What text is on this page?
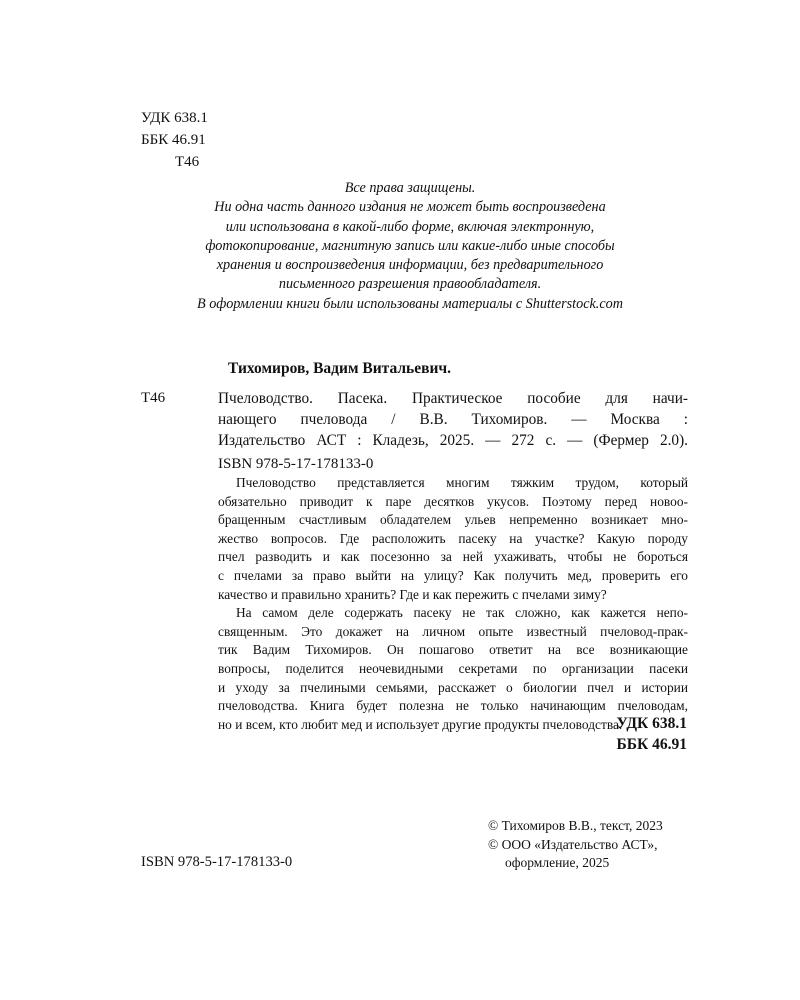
УДК 638.1
ББК 46.91
Т46
Все права защищены.
Ни одна часть данного издания не может быть воспроизведена
или использована в какой-либо форме, включая электронную,
фотокопирование, магнитную запись или какие-либо иные способы
хранения и воспроизведения информации, без предварительного
письменного разрешения правообладателя.
В оформлении книги были использованы материалы с Shutterstock.com
Тихомиров, Вадим Витальевич.
Т46	Пчеловодство. Пасека. Практическое пособие для начи-
нающего пчеловода / В.В. Тихомиров. — Москва :
Издательство АСТ : Кладезь, 2025. — 272 с. — (Фермер 2.0).
ISBN 978-5-17-178133-0

Пчеловодство представляется многим тяжким трудом, который
обязательно приводит к паре десятков укусов. Поэтому перед новоо-
бращенным счастливым обладателем ульев непременно возникает мно-
жество вопросов. Где расположить пасеку на участке? Какую породу
пчел разводить и как посезонно за ней ухаживать, чтобы не бороться
с пчелами за право выйти на улицу? Как получить мед, проверить его
качество и правильно хранить? Где и как пережить с пчелами зиму?

На самом деле содержать пасеку не так сложно, как кажется непо-
священным. Это докажет на личном опыте известный пчеловод-прак-
тик Вадим Тихомиров. Он пошагово ответит на все возникающие
вопросы, поделится неочевидными секретами по организации пасеки
и уходу за пчелиными семьями, расскажет о биологии пчел и истории
пчеловодства. Книга будет полезна не только начинающим пчеловодам,
но и всем, кто любит мед и использует другие продукты пчеловодства.

УДК 638.1
ББК 46.91
© Тихомиров В.В., текст, 2023
© ООО «Издательство АСТ»,
оформление, 2025
ISBN 978-5-17-178133-0
